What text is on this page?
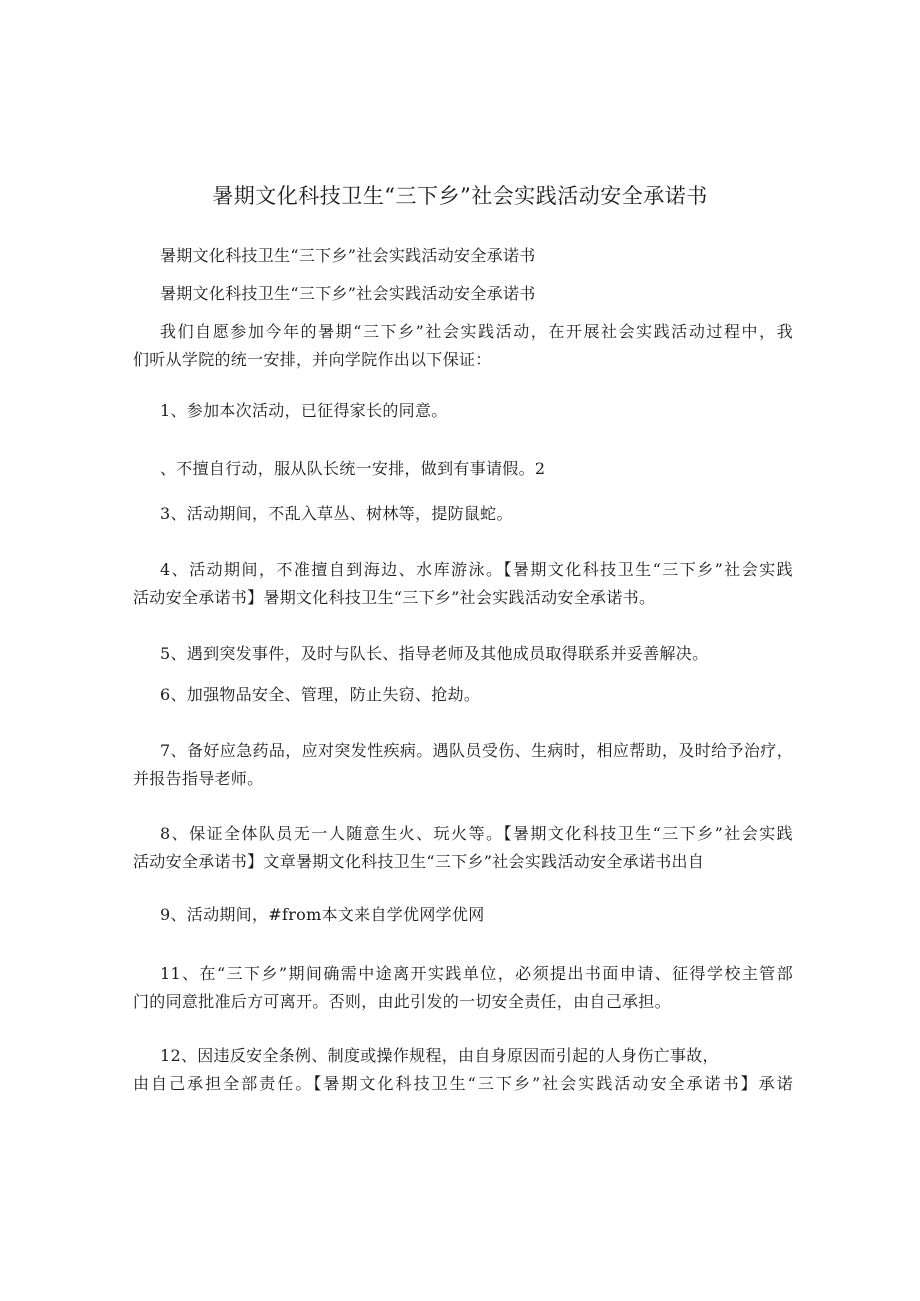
暑期文化科技卫生“三下乡”社会实践活动安全承诺书

暑期文化科技卫生“三下乡”社会实践活动安全承诺书

暑期文化科技卫生“三下乡”社会实践活动安全承诺书

我们自愿参加今年的暑期“三下乡”社会实践活动，在开展社会实践活动过程中，我
们听从学院的统一安排，并向学院作出以下保证：

1、参加本次活动，已征得家长的同意。

、不擅自行动，服从队长统一安排，做到有事请假。2

3、活动期间，不乱入草丛、树林等，提防鼠蛇。

4、活动期间，不准擅自到海边、水库游泳。【暑期文化科技卫生“三下乡”社会实践
活动安全承诺书】暑期文化科技卫生“三下乡”社会实践活动安全承诺书。

5、遇到突发事件，及时与队长、指导老师及其他成员取得联系并妥善解决。

6、加强物品安全、管理，防止失窃、抢劫。

7、备好应急药品，应对突发性疾病。遇队员受伤、生病时，相应帮助，及时给予治疗，
并报告指导老师。
8、保证全体队员无一人随意生火、玩火等。【暑期文化科技卫生“三下乡”社会实践
活动安全承诺书】文章暑期文化科技卫生“三下乡”社会实践活动安全承诺书出自

9、活动期间，#from本文来自学优网学优网

11、在“三下乡”期间确需中途离开实践单位，必须提出书面申请、征得学校主管部
门的同意批准后方可离开。否则，由此引发的一切安全责任，由自己承担。
12、因违反安全条例、制度或操作规程，由自身原因而引起的人身伤亡事故，
由自己承担全部责任。【暑期文化科技卫生“三下乡”社会实践活动安全承诺书】承诺
